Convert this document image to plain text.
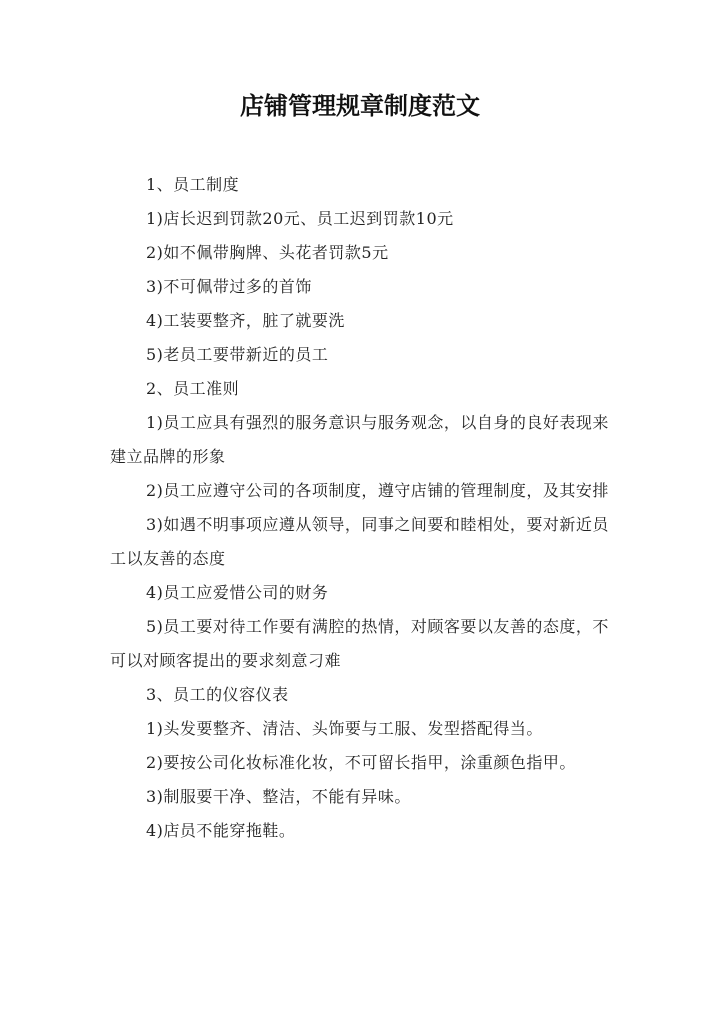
店铺管理规章制度范文

1、员工制度

1)店长迟到罚款20元、员工迟到罚款10元

2)如不佩带胸牌、头花者罚款5元

3)不可佩带过多的首饰

4)工装要整齐，脏了就要洗

5)老员工要带新近的员工

2、员工准则

1)员工应具有强烈的服务意识与服务观念，以自身的良好表现来建立品牌的形象

2)员工应遵守公司的各项制度，遵守店铺的管理制度，及其安排

3)如遇不明事项应遵从领导，同事之间要和睦相处，要对新近员工以友善的态度

4)员工应爱惜公司的财务

5)员工要对待工作要有满腔的热情，对顾客要以友善的态度，不可以对顾客提出的要求刻意刁难

3、员工的仪容仪表

1)头发要整齐、清洁、头饰要与工服、发型搭配得当。

2)要按公司化妆标准化妆，不可留长指甲，涂重颜色指甲。

3)制服要干净、整洁，不能有异味。

4)店员不能穿拖鞋。
